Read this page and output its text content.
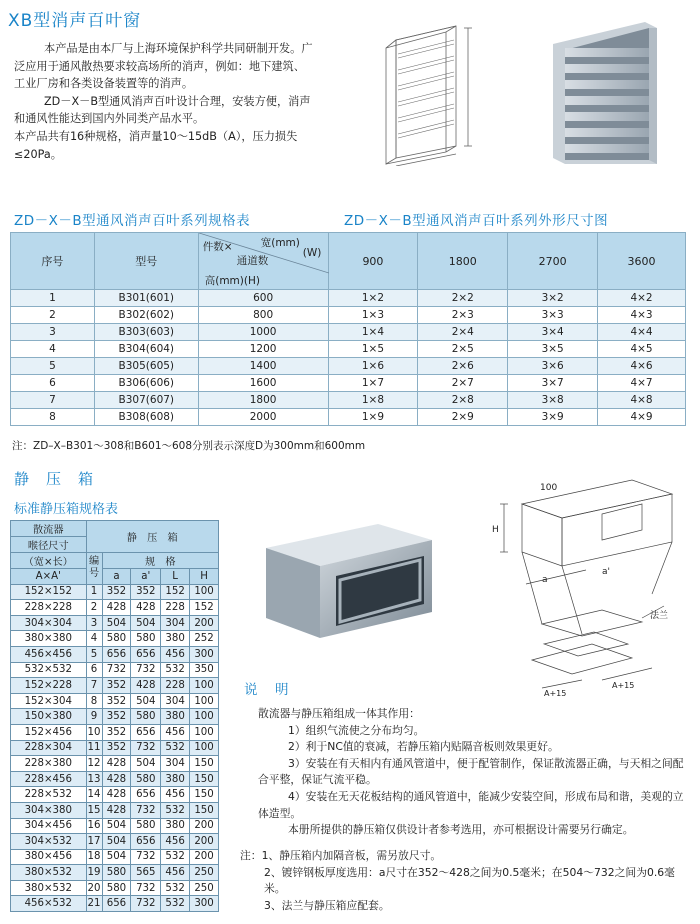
XB型消声百叶窗

本产品是由本厂与上海环境保护科学共同研制开发。广泛应用于通风散热要求较高场所的消声，例如：地下建筑、工业厂房和各类设备装置等的消声。

ZD－X－B型通风消声百叶设计合理，安装方便，消声和通风性能达到国内外同类产品水平。

本产品共有16种规格，消声量10～15dB（A），压力损失≤20Pa。

ZD－X－B型通风消声百叶系列规格表	ZD－X－B型通风消声百叶系列外形尺寸图
序号	型号	件数× 宽(mm)
通道数
(W)
高(mm)(H)	900	1800	2700	3600
1	B301(601)	600	1×2	2×2	3×2	4×2
2	B302(602)	800	1×3	2×3	3×3	4×3
3	B303(603)	1000	1×4	2×4	3×4	4×4
4	B304(604)	1200	1×5	2×5	3×5	4×5
5	B305(605)	1400	1×6	2×6	3×6	4×6
6	B306(606)	1600	1×7	2×7	3×7	4×7
7	B307(607)	1800	1×8	2×8	3×8	4×8
8	B308(608)	2000	1×9	2×9	3×9	4×9
注：ZD–X–B301～308和B601～608分别表示深度D为300mm和600mm
静　压　箱
标准静压箱规格表
散流器	静　压　箱				
喉径尺寸					
（宽×长）	编号	规　格			
A×A'		a	a'	L	H
152×152	1	352	352	152	100
228×228	2	428	428	228	152
304×304	3	504	504	304	200
380×380	4	580	580	380	252
456×456	5	656	656	456	300
532×532	6	732	732	532	350
152×228	7	352	428	228	100
152×304	8	352	504	304	100
150×380	9	352	580	380	100
152×456	10	352	656	456	100
228×304	11	352	732	532	100
228×380	12	428	504	304	150
228×456	13	428	580	380	150
228×532	14	428	656	456	150
304×380	15	428	732	532	150
304×456	16	504	580	380	200
304×532	17	504	656	456	200
380×456	18	504	732	532	200
380×532	19	580	565	456	250
380×532	20	580	732	532	250
456×532	21	656	732	532	300
100
H
a
a'
法兰
A+15
A+15
说　明

散流器与静压箱组成一体其作用：

1）组织气流使之分布均匀。

2）利于NC值的衰减，若静压箱内贴隔音板则效果更好。

3）安装在有天相内有通风管道中，便于配管制作，保证散流器正确，与天相之间配合平整，保证气流平稳。

4）安装在无天花板结构的通风管道中，能减少安装空间，形成布局和谐，美观的立体造型。

本册所提供的静压箱仅供设计者参考选用，亦可根据设计需要另行确定。

注：1、静压箱内加隔音板，需另放尺寸。

2、镀锌钢板厚度选用：a尺寸在352～428之间为0.5毫米；在504～732之间为0.6毫米。

3、法兰与静压箱应配套。
